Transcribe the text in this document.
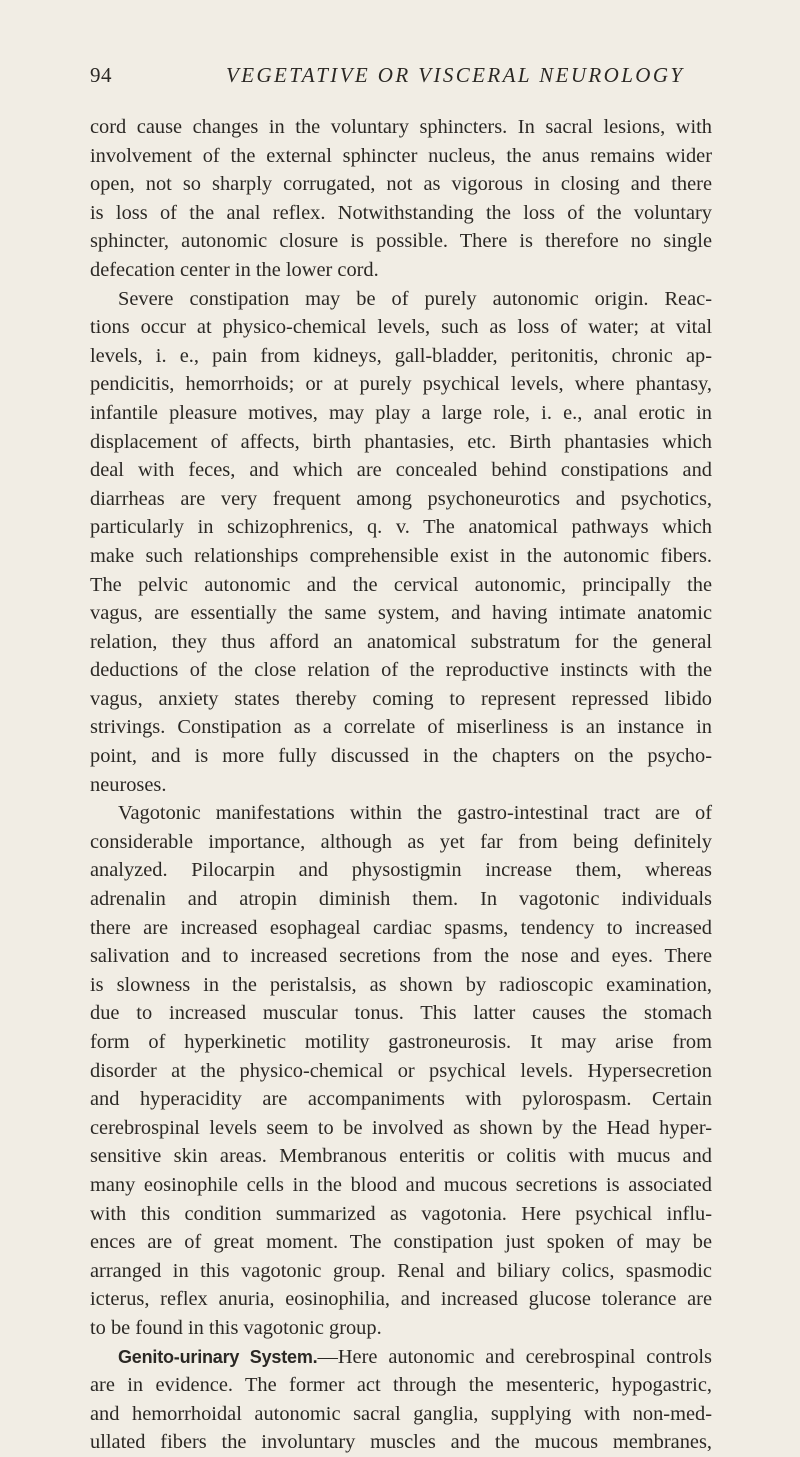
94	VEGETATIVE OR VISCERAL NEUROLOGY
cord cause changes in the voluntary sphincters. In sacral lesions, with
involvement of the external sphincter nucleus, the anus remains wider
open, not so sharply corrugated, not as vigorous in closing and there
is loss of the anal reflex. Notwithstanding the loss of the voluntary
sphincter, autonomic closure is possible. There is therefore no single
defecation center in the lower cord.
Severe constipation may be of purely autonomic origin. Reac-
tions occur at physico-chemical levels, such as loss of water; at vital
levels, i. e., pain from kidneys, gall-bladder, peritonitis, chronic ap-
pendicitis, hemorrhoids; or at purely psychical levels, where phantasy,
infantile pleasure motives, may play a large role, i. e., anal erotic in
displacement of affects, birth phantasies, etc. Birth phantasies which
deal with feces, and which are concealed behind constipations and
diarrheas are very frequent among psychoneurotics and psychotics,
particularly in schizophrenics, q. v. The anatomical pathways which
make such relationships comprehensible exist in the autonomic fibers.
The pelvic autonomic and the cervical autonomic, principally the
vagus, are essentially the same system, and having intimate anatomic
relation, they thus afford an anatomical substratum for the general
deductions of the close relation of the reproductive instincts with the
vagus, anxiety states thereby coming to represent repressed libido
strivings. Constipation as a correlate of miserliness is an instance in
point, and is more fully discussed in the chapters on the psycho-
neuroses.
Vagotonic manifestations within the gastro-intestinal tract are of
considerable importance, although as yet far from being definitely
analyzed. Pilocarpin and physostigmin increase them, whereas
adrenalin and atropin diminish them. In vagotonic individuals
there are increased esophageal cardiac spasms, tendency to increased
salivation and to increased secretions from the nose and eyes. There
is slowness in the peristalsis, as shown by radioscopic examination,
due to increased muscular tonus. This latter causes the stomach
form of hyperkinetic motility gastroneurosis. It may arise from
disorder at the physico-chemical or psychical levels. Hypersecretion
and hyperacidity are accompaniments with pylorospasm. Certain
cerebrospinal levels seem to be involved as shown by the Head hyper-
sensitive skin areas. Membranous enteritis or colitis with mucus and
many eosinophile cells in the blood and mucous secretions is associated
with this condition summarized as vagotonia. Here psychical influ-
ences are of great moment. The constipation just spoken of may be
arranged in this vagotonic group. Renal and biliary colics, spasmodic
icterus, reflex anuria, eosinophilia, and increased glucose tolerance are
to be found in this vagotonic group.
Genito-urinary System.—Here autonomic and cerebrospinal controls
are in evidence. The former act through the mesenteric, hypogastric,
and hemorrhoidal autonomic sacral ganglia, supplying with non-med-
ullated fibers the involuntary muscles and the mucous membranes,
